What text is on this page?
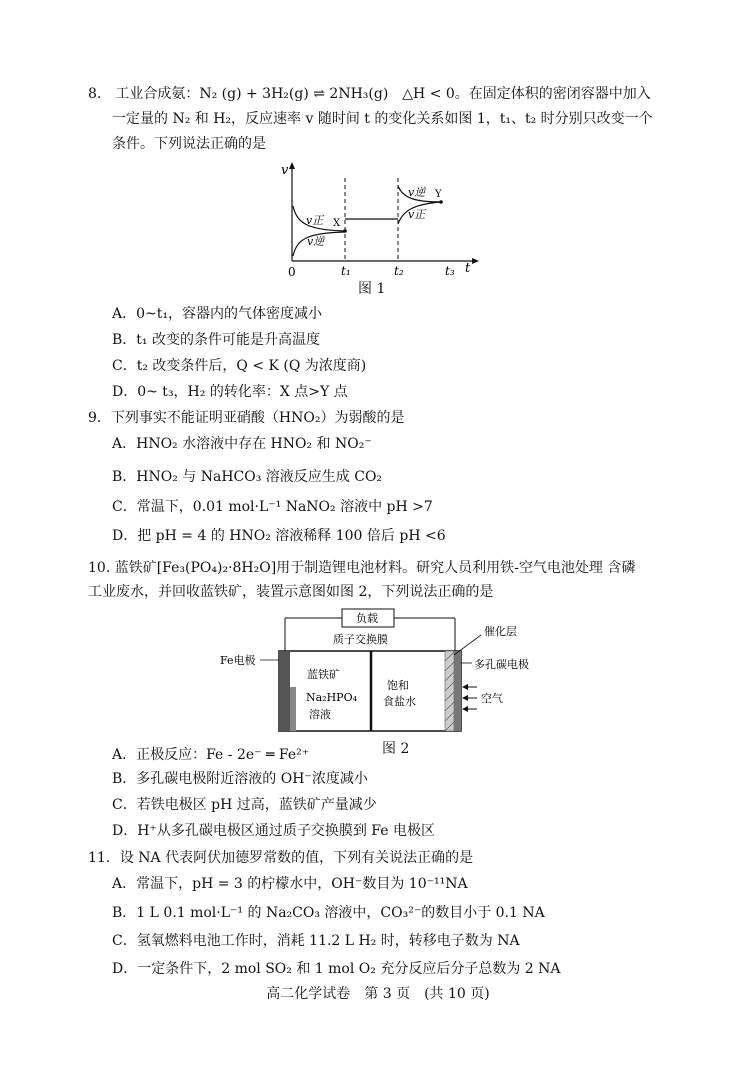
8.　工业合成氨：N₂ (g) + 3H₂(g) ⇌ 2NH₃(g)　△H < 0。在固定体积的密闭容器中加入
一定量的 N₂ 和 H₂，反应速率 v 随时间 t 的变化关系如图 1，t₁、t₂ 时分别只改变一个
条件。下列说法正确的是
v
t
0	t₁	t₂	t₃
v正
v逆
X
v逆
v正
Y
图 1
A．0~t₁，容器内的气体密度减小
B．t₁ 改变的条件可能是升高温度
C．t₂ 改变条件后，Q < K (Q 为浓度商)
D．0~ t₃，H₂ 的转化率：X 点>Y 点
9．下列事实不能证明亚硝酸（HNO₂）为弱酸的是
A．HNO₂ 水溶液中存在 HNO₂ 和 NO₂⁻
B．HNO₂ 与 NaHCO₃ 溶液反应生成 CO₂
C．常温下，0.01 mol·L⁻¹ NaNO₂ 溶液中 pH >7
D．把 pH = 4 的 HNO₂ 溶液稀释 100 倍后 pH <6
10. 蓝铁矿[Fe₃(PO₄)₂·8H₂O]用于制造锂电池材料。研究人员利用铁-空气电池处理 含磷
工业废水，并回收蓝铁矿，装置示意图如图 2，下列说法正确的是
负载
质子交换膜
Fe电极
蓝铁矿
Na₂HPO₄
溶液
饱和
食盐水
催化层
多孔碳电极
空气
图 2
A．正极反应：Fe - 2e⁻ ═ Fe²⁺
B．多孔碳电极附近溶液的 OH⁻浓度减小
C．若铁电极区 pH 过高，蓝铁矿产量减少
D．H⁺从多孔碳电极区通过质子交换膜到 Fe 电极区
11．设 NA 代表阿伏加德罗常数的值，下列有关说法正确的是
A．常温下，pH = 3 的柠檬水中，OH⁻数目为 10⁻¹¹NA
B．1 L 0.1 mol·L⁻¹ 的 Na₂CO₃ 溶液中，CO₃²⁻的数目小于 0.1 NA
C．氢氧燃料电池工作时，消耗 11.2 L H₂ 时，转移电子数为 NA
D．一定条件下，2 mol SO₂ 和 1 mol O₂ 充分反应后分子总数为 2 NA
高二化学试卷　第 3 页　(共 10 页)
